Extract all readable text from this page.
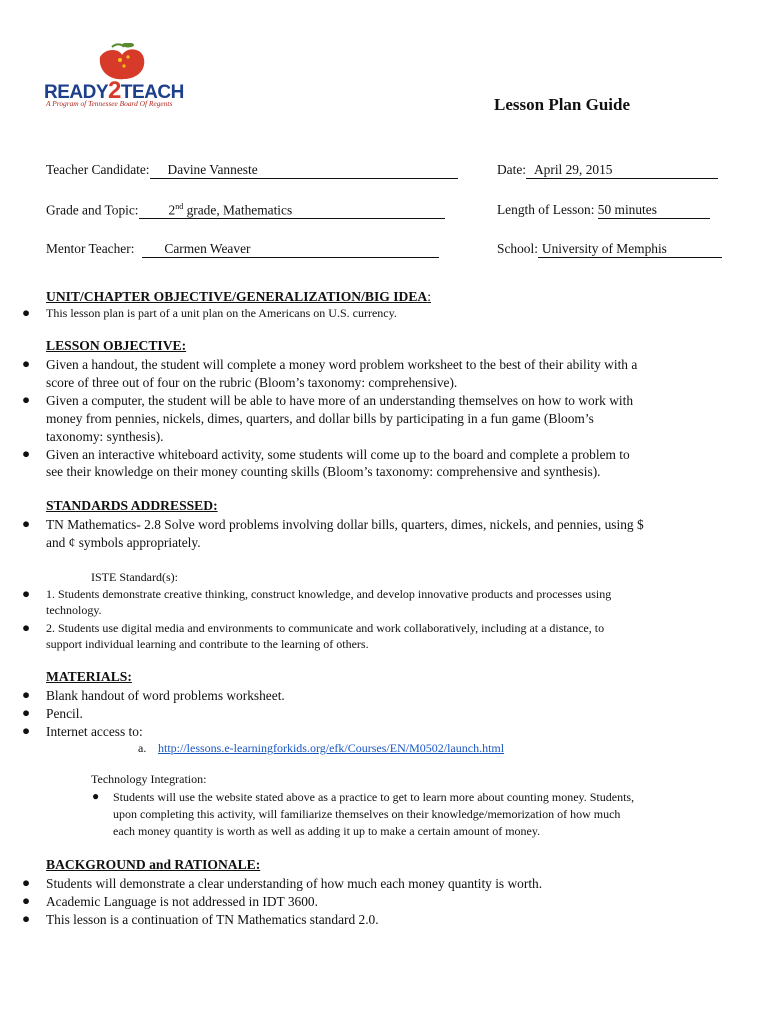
READY2TEACH
A Program of Tennessee Board Of Regents	Lesson Plan Guide
Teacher Candidate: Davine Vanneste	Date: April 29, 2015
Grade and Topic: 2nd grade, Mathematics	Length of Lesson: 50 minutes
Mentor Teacher: Carmen Weaver	School: University of Memphis
UNIT/CHAPTER OBJECTIVE/GENERALIZATION/BIG IDEA:
● This lesson plan is part of a unit plan on the Americans on U.S. currency.
LESSON OBJECTIVE:
● Given a handout, the student will complete a money word problem worksheet to the best of their ability with a
score of three out of four on the rubric (Bloom’s taxonomy: comprehensive).
● Given a computer, the student will be able to have more of an understanding themselves on how to work with
money from pennies, nickels, dimes, quarters, and dollar bills by participating in a fun game (Bloom’s
taxonomy: synthesis).
● Given an interactive whiteboard activity, some students will come up to the board and complete a problem to
see their knowledge on their money counting skills (Bloom’s taxonomy: comprehensive and synthesis).
STANDARDS ADDRESSED:
● TN Mathematics- 2.8 Solve word problems involving dollar bills, quarters, dimes, nickels, and pennies, using $
and ¢ symbols appropriately.
ISTE Standard(s):
● 1. Students demonstrate creative thinking, construct knowledge, and develop innovative products and processes using
technology.
● 2. Students use digital media and environments to communicate and work collaboratively, including at a distance, to
support individual learning and contribute to the learning of others.
MATERIALS:
● Blank handout of word problems worksheet.
● Pencil.
● Internet access to:
a. http://lessons.e-learningforkids.org/efk/Courses/EN/M0502/launch.html
Technology Integration:
● Students will use the website stated above as a practice to get to learn more about counting money. Students,
upon completing this activity, will familiarize themselves on their knowledge/memorization of how much
each money quantity is worth as well as adding it up to make a certain amount of money.
BACKGROUND and RATIONALE:
● Students will demonstrate a clear understanding of how much each money quantity is worth.
● Academic Language is not addressed in IDT 3600.
● This lesson is a continuation of TN Mathematics standard 2.0.
